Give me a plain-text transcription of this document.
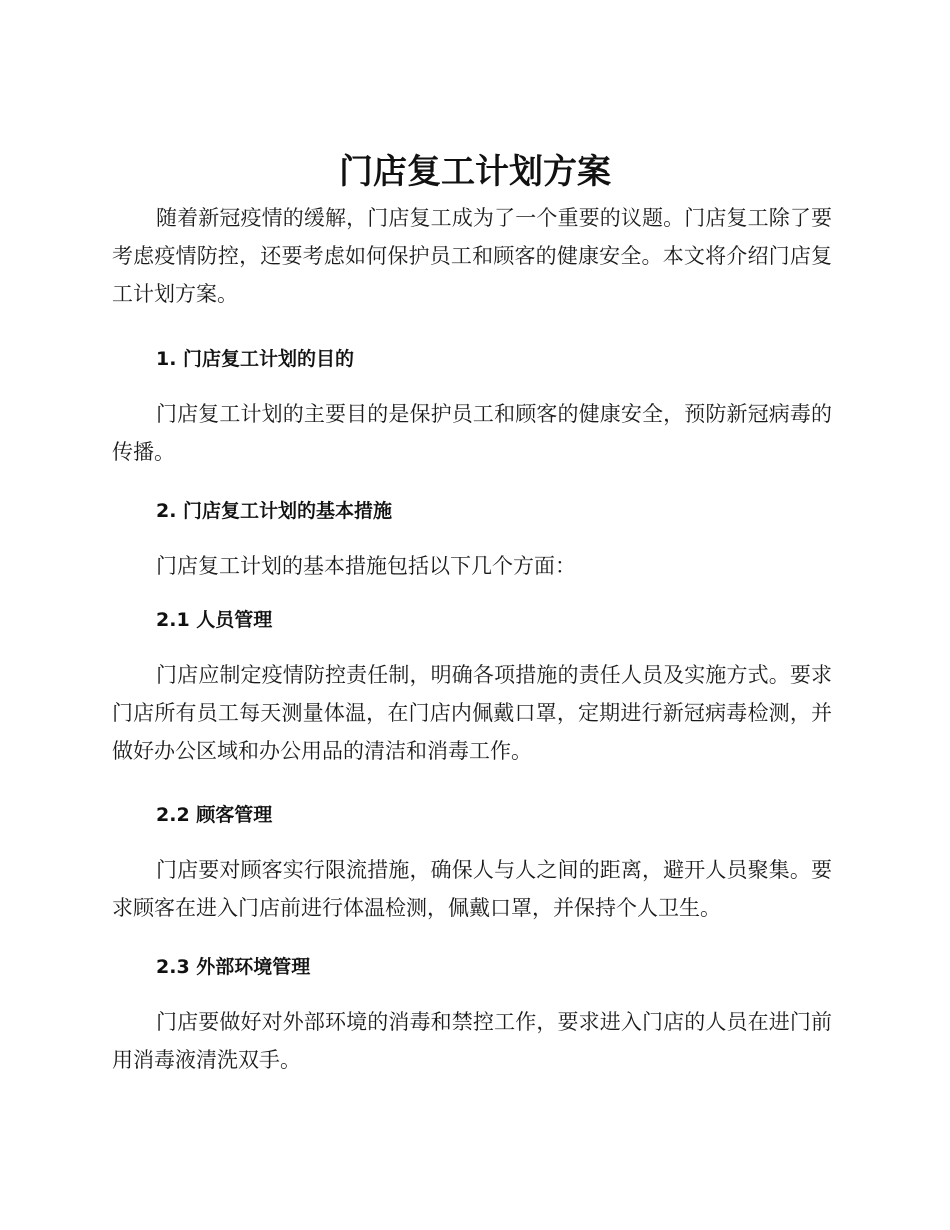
门店复工计划方案

随着新冠疫情的缓解，门店复工成为了一个重要的议题。门店复工除了要考虑疫情防控，还要考虑如何保护员工和顾客的健康安全。本文将介绍门店复工计划方案。

1. 门店复工计划的目的

门店复工计划的主要目的是保护员工和顾客的健康安全，预防新冠病毒的传播。

2. 门店复工计划的基本措施

门店复工计划的基本措施包括以下几个方面：

2.1 人员管理

门店应制定疫情防控责任制，明确各项措施的责任人员及实施方式。要求门店所有员工每天测量体温，在门店内佩戴口罩，定期进行新冠病毒检测，并做好办公区域和办公用品的清洁和消毒工作。

2.2 顾客管理

门店要对顾客实行限流措施，确保人与人之间的距离，避开人员聚集。要求顾客在进入门店前进行体温检测，佩戴口罩，并保持个人卫生。

2.3 外部环境管理

门店要做好对外部环境的消毒和禁控工作，要求进入门店的人员在进门前用消毒液清洗双手。
